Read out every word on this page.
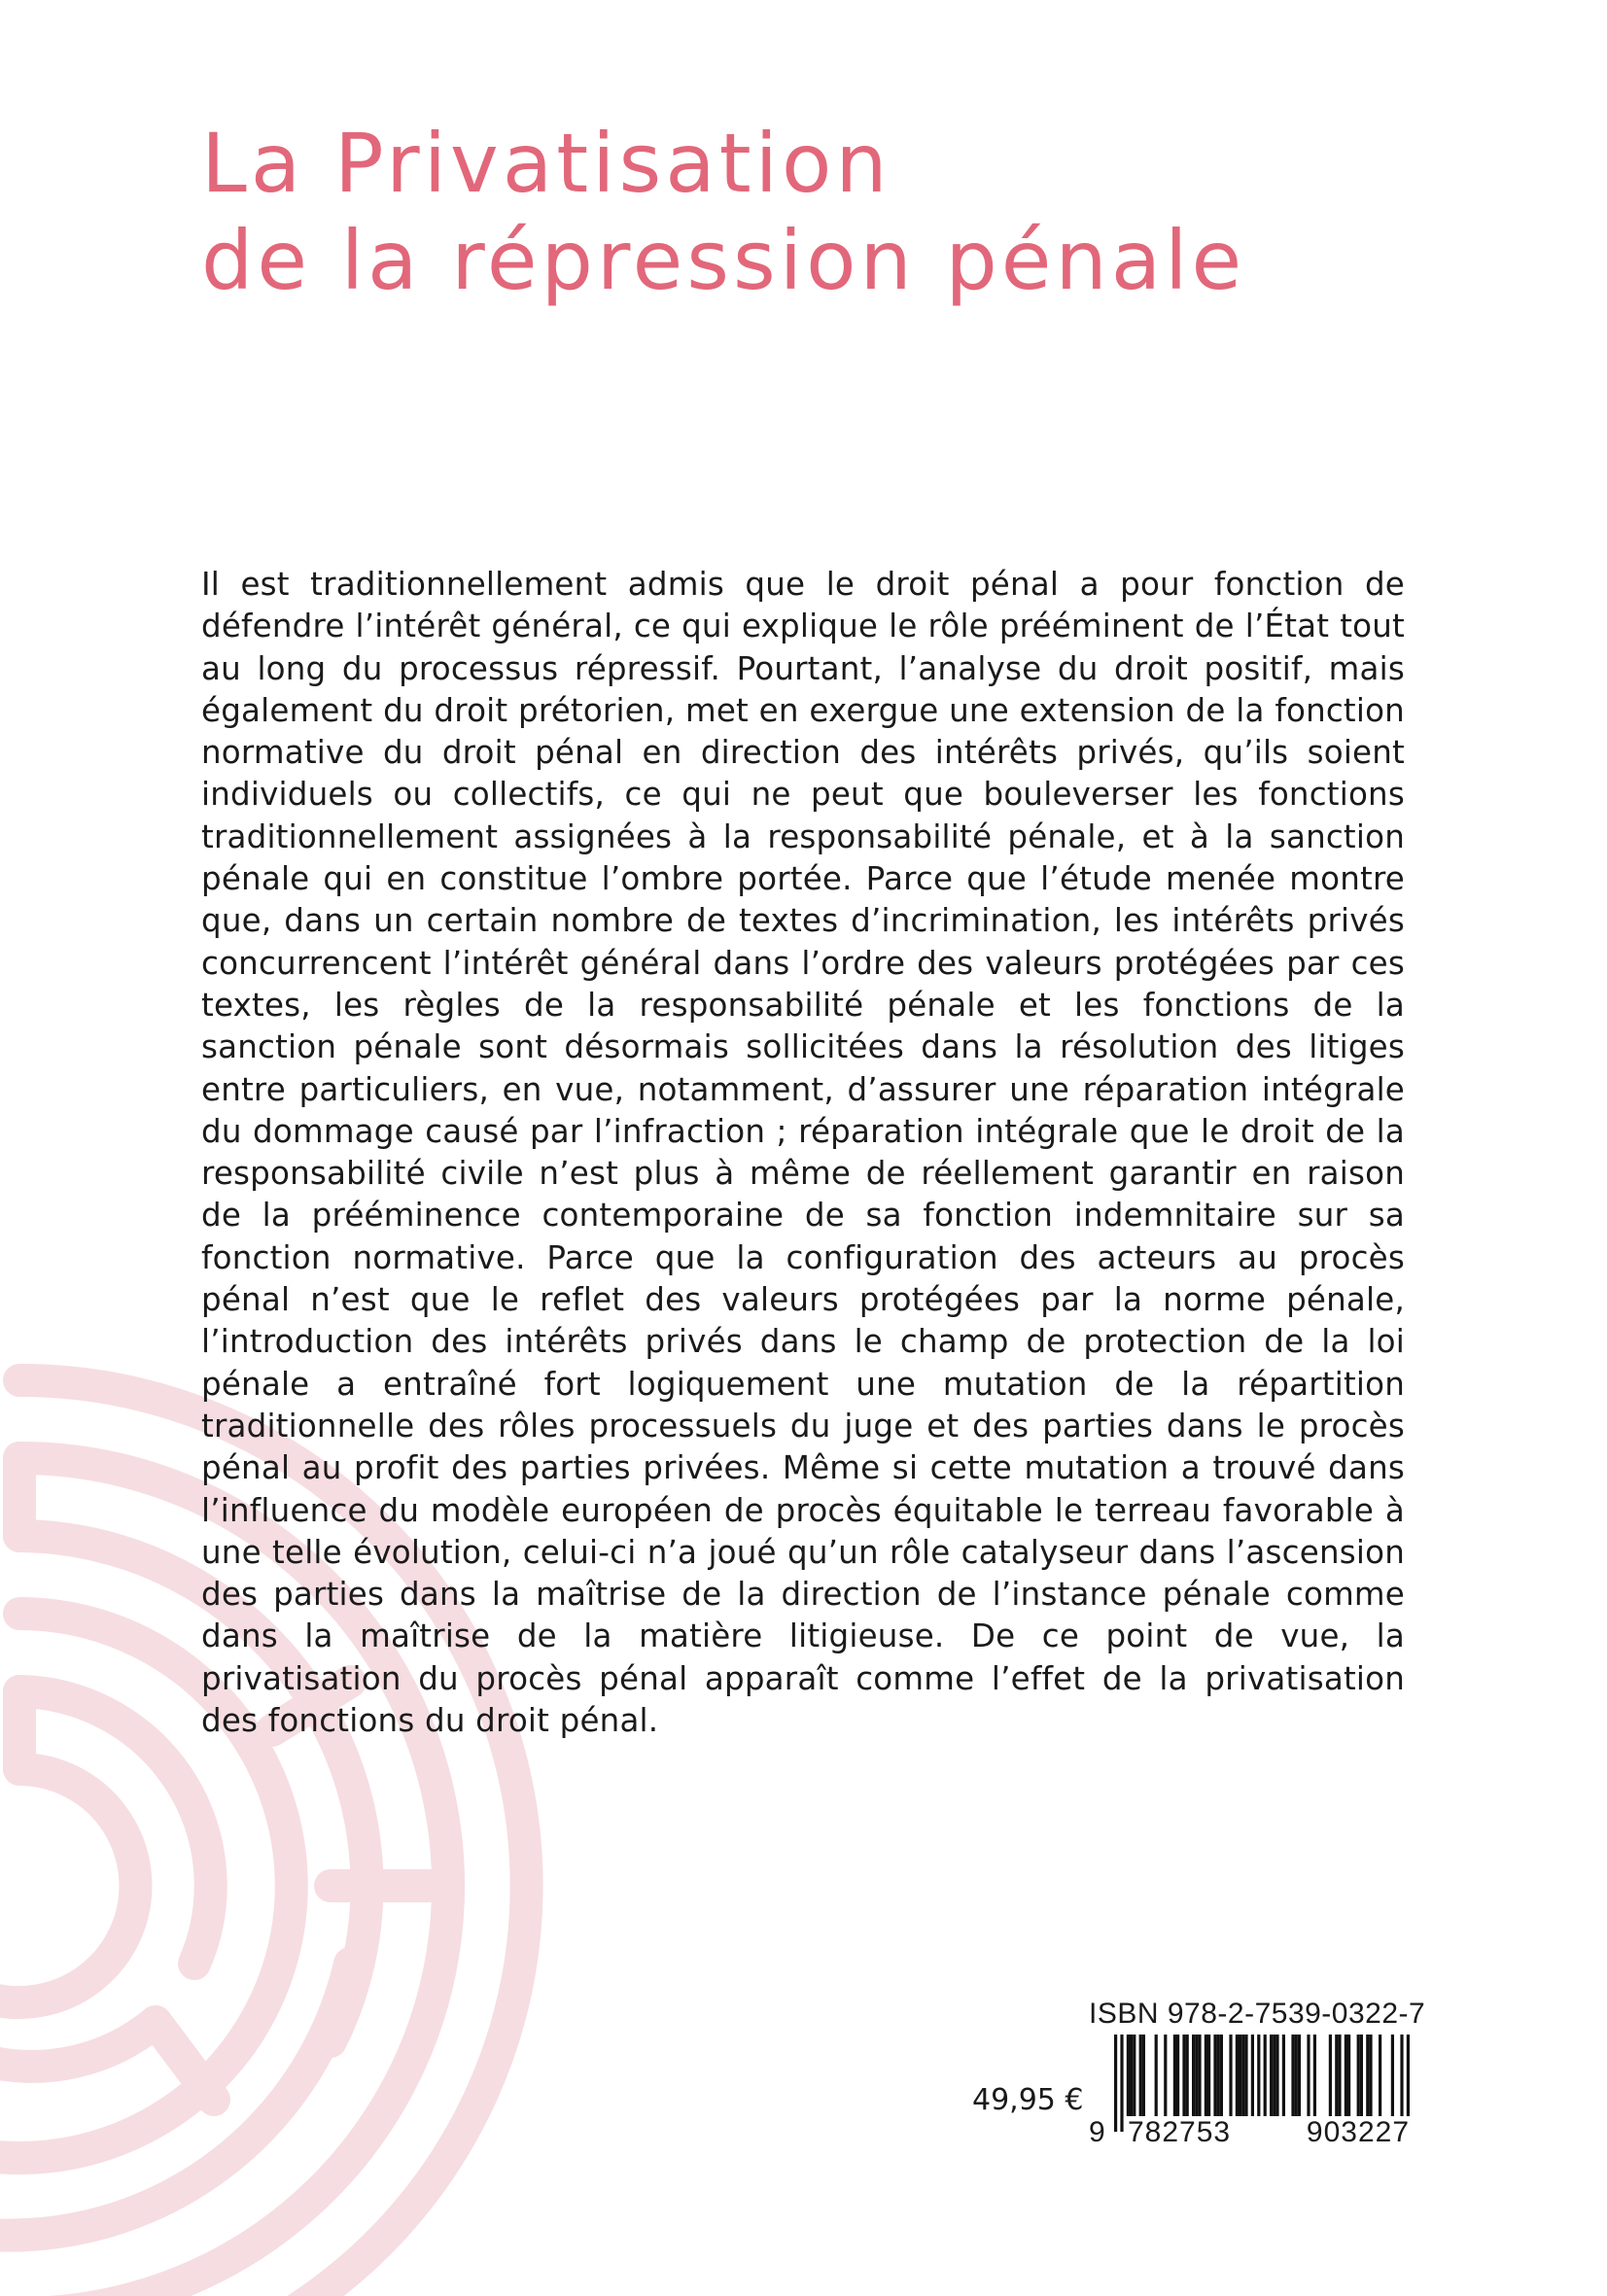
La Privatisation
de la répression pénale

Il est traditionnellement admis que le droit pénal a pour fonction de défendre l’intérêt général, ce qui explique le rôle prééminent de l’État tout au long du processus répressif. Pourtant, l’analyse du droit positif, mais également du droit prétorien, met en exergue une extension de la fonction normative du droit pénal en direction des intérêts privés, qu’ils soient individuels ou collectifs, ce qui ne peut que bouleverser les fonctions traditionnellement assignées à la responsabilité pénale, et à la sanction pénale qui en constitue l’ombre portée. Parce que l’étude menée montre que, dans un certain nombre de textes d’incrimination, les intérêts privés concurrencent l’intérêt général dans l’ordre des valeurs protégées par ces textes, les règles de la responsabilité pénale et les fonctions de la sanction pénale sont désormais sollicitées dans la résolution des litiges entre particuliers, en vue, notamment, d’assurer une réparation intégrale du dommage causé par l’infraction ; réparation intégrale que le droit de la responsabilité civile n’est plus à même de réellement garantir en raison de la prééminence contemporaine de sa fonction indemnitaire sur sa fonction normative. Parce que la configuration des acteurs au procès pénal n’est que le reflet des valeurs protégées par la norme pénale, l’introduction des intérêts privés dans le champ de protection de la loi pénale a entraîné fort logiquement une mutation de la répartition traditionnelle des rôles processuels du juge et des parties dans le procès pénal au profit des parties privées. Même si cette mutation a trouvé dans l’influence du modèle européen de procès équitable le terreau favorable à une telle évolution, celui-ci n’a joué qu’un rôle catalyseur dans l’ascension des parties dans la maîtrise de la direction de l’instance pénale comme dans la maîtrise de la matière litigieuse. De ce point de vue, la privatisation du procès pénal apparaît comme l’effet de la privatisation des fonctions du droit pénal.

49,95 €
ISBN 978-2-7539-0322-7
9 782753	903227
